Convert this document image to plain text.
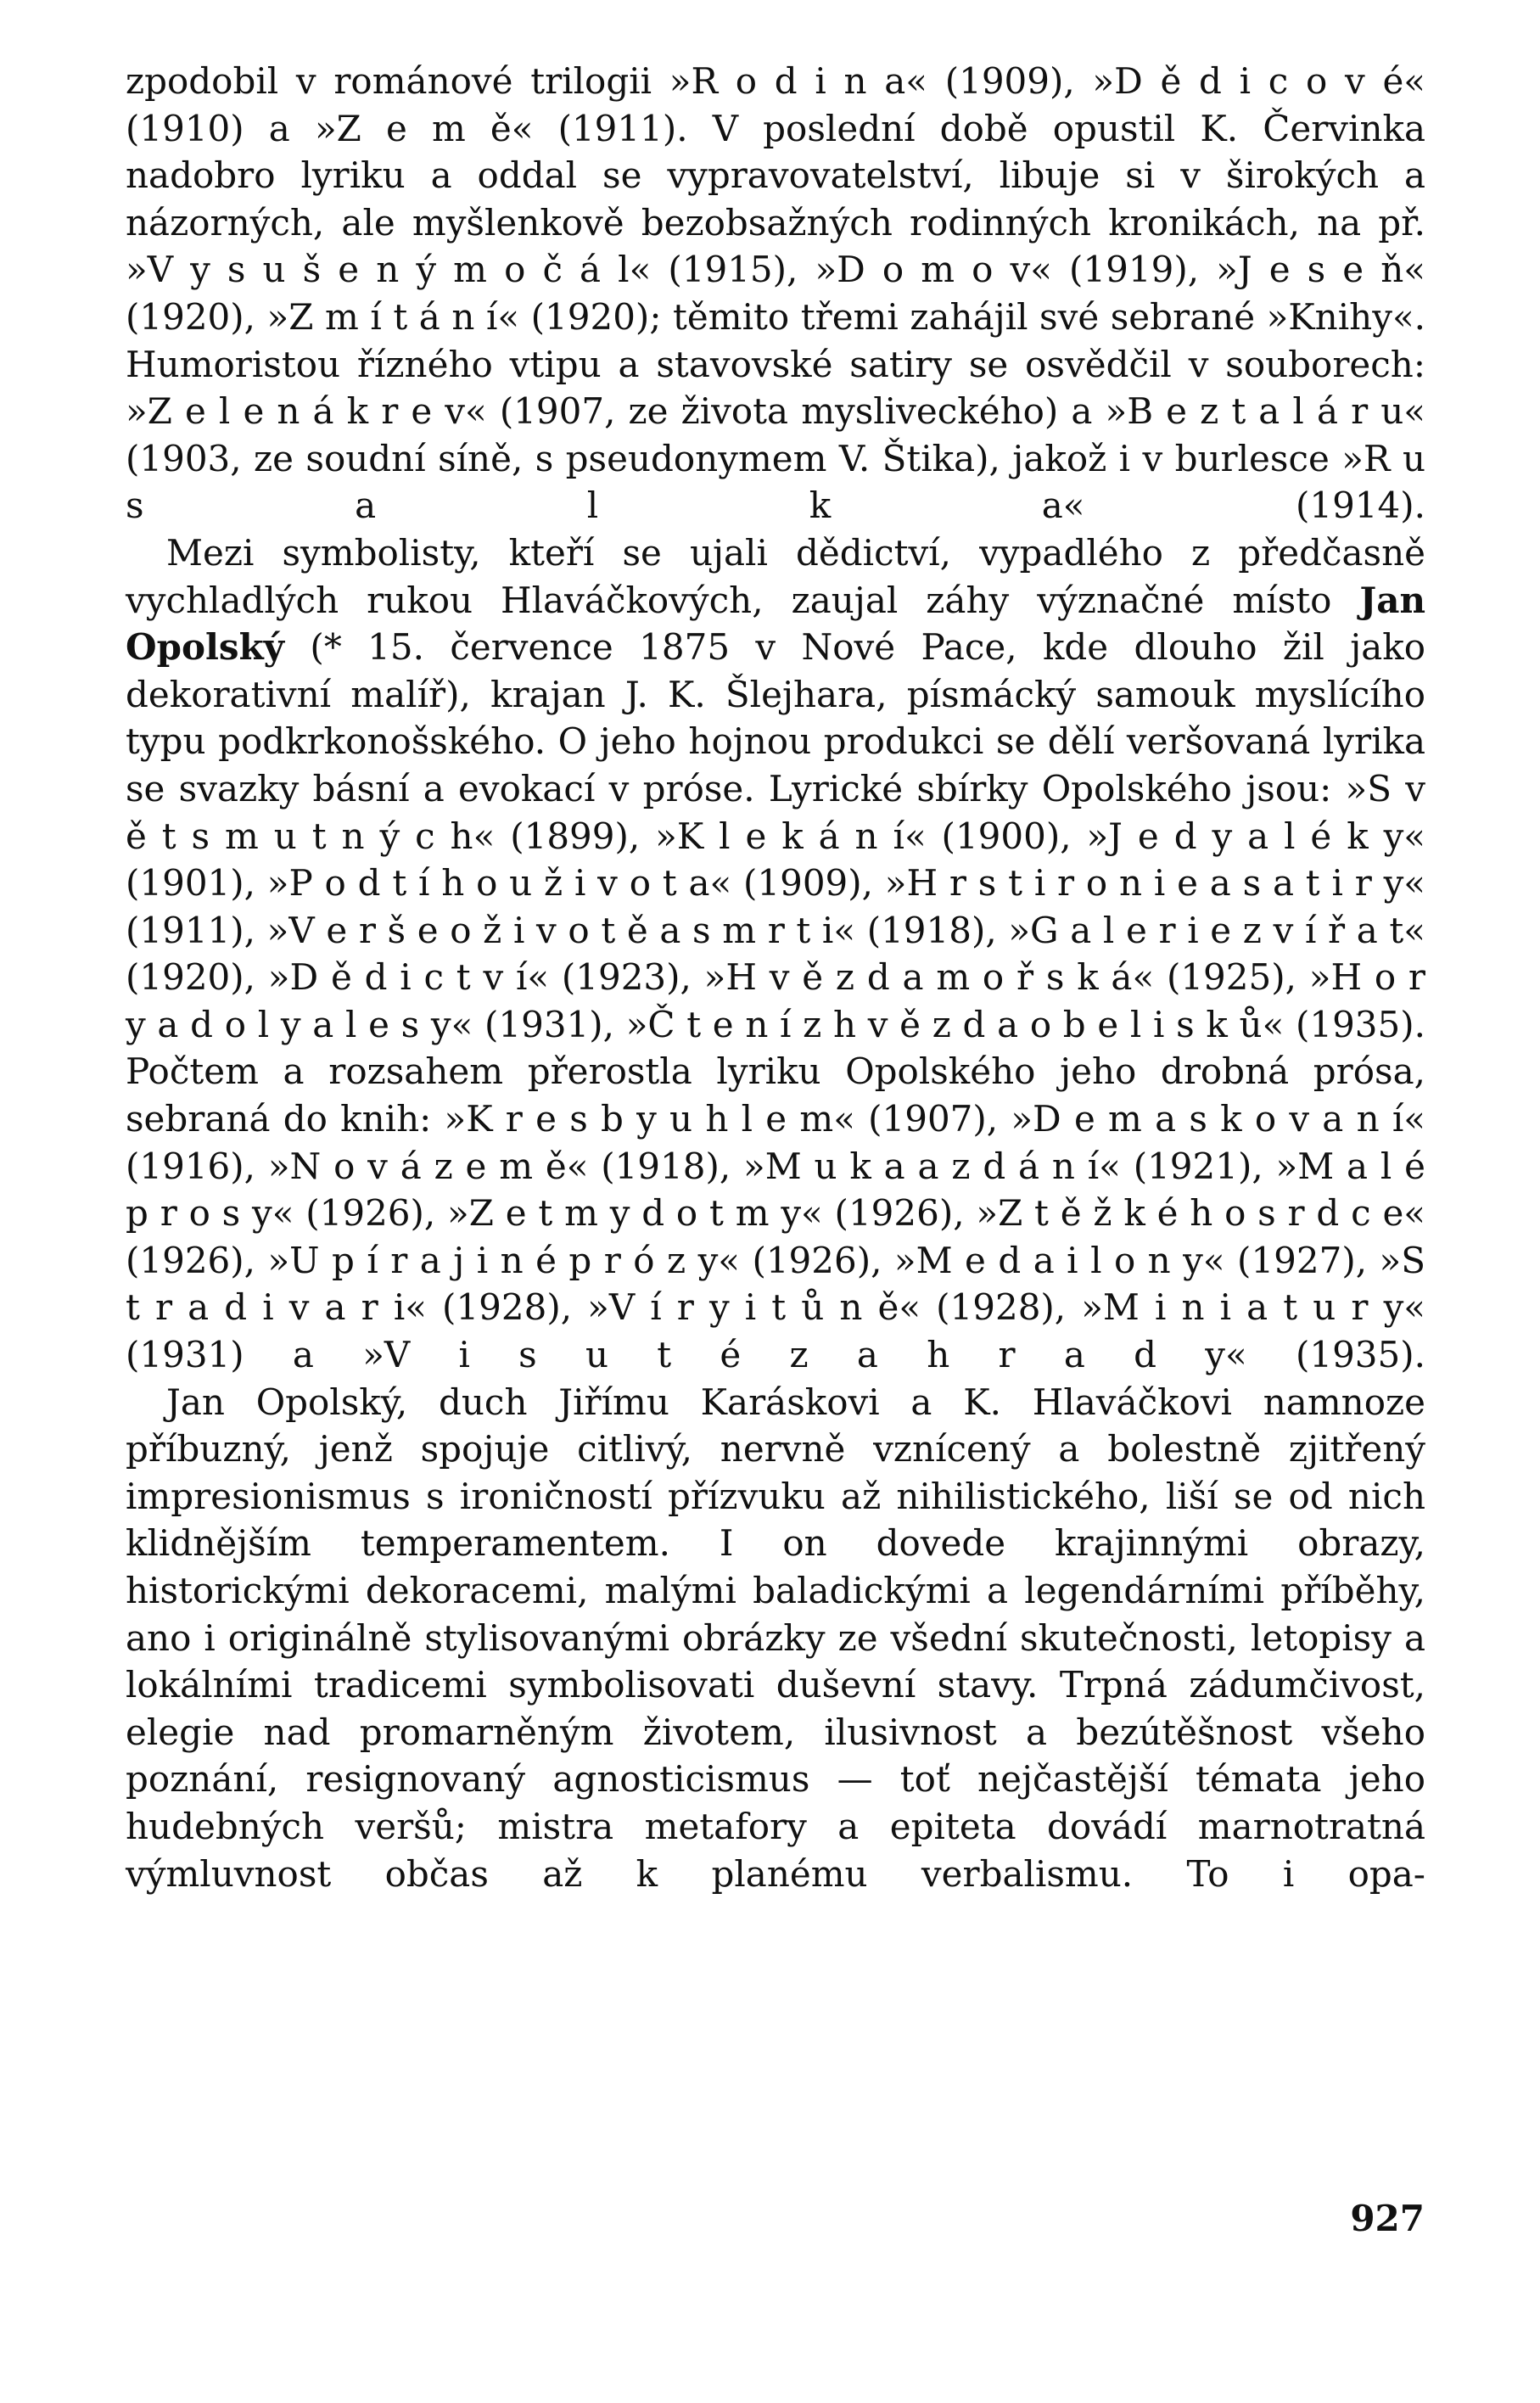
zpodobil v románové trilogii »R o d i n a« (1909), »D ě d i c o v é« (1910) a »Z e m ě« (1911). V poslední době opustil K. Červinka nadobro lyriku a oddal se vypravovatelství, libuje si v širokých a názorných, ale myšlenkově bezobsažných rodinných kronikách, na př. »V y s u š e n ý m o č á l« (1915), »D o m o v« (1919), »J e s e ň« (1920), »Z m í t á n í« (1920); těmito třemi zahájil své sebrané »Knihy«. Humoristou řízného vtipu a stavovské satiry se osvědčil v souborech: »Z e l e n á k r e v« (1907, ze života mysliveckého) a »B e z t a l á r u« (1903, ze soudní síně, s pseudonymem V. Štika), jakož i v burlesce »R u s a l k a« (1914).

Mezi symbolisty, kteří se ujali dědictví, vypadlého z předčasně vychladlých rukou Hlaváčkových, zaujal záhy význačné místo Jan Opolský (* 15. července 1875 v Nové Pace, kde dlouho žil jako dekorativní malíř), krajan J. K. Šlejhara, písmácký samouk myslícího typu podkrkonošského. O jeho hojnou produkci se dělí veršovaná lyrika se svazky básní a evokací v próse. Lyrické sbírky Opolského jsou: »S v ě t s m u t n ý c h« (1899), »K l e k á n í« (1900), »J e d y a l é k y« (1901), »P o d t í h o u ž i v o t a« (1909), »H r s t i r o n i e a s a t i r y« (1911), »V e r š e o ž i v o t ě a s m r t i« (1918), »G a l e r i e z v í ř a t« (1920), »D ě d i c t v í« (1923), »H v ě z d a m o ř s k á« (1925), »H o r y a d o l y a l e s y« (1931), »Č t e n í z h v ě z d a o b e l i s k ů« (1935). Počtem a rozsahem přerostla lyriku Opolského jeho drobná prósa, sebraná do knih: »K r e s b y u h l e m« (1907), »D e m a s k o v a n í« (1916), »N o v á z e m ě« (1918), »M u k a a z d á n í« (1921), »M a l é p r o s y« (1926), »Z e t m y d o t m y« (1926), »Z t ě ž k é h o s r d c e« (1926), »U p í r a j i n é p r ó z y« (1926), »M e d a i l o n y« (1927), »S t r a d i v a r i« (1928), »V í r y i t ů n ě« (1928), »M i n i a t u r y« (1931) a »V i s u t é z a h r a d y« (1935).

Jan Opolský, duch Jiřímu Karáskovi a K. Hlaváčkovi namnoze příbuzný, jenž spojuje citlivý, nervně vznícený a bolestně zjitřený impresionismus s ironičností přízvuku až nihilistického, liší se od nich klidnějším temperamentem. I on dovede krajinnými obrazy, historickými dekoracemi, malými baladickými a legendárními příběhy, ano i originálně stylisovanými obrázky ze všední skutečnosti, letopisy a lokálními tradicemi symbolisovati duševní stavy. Trpná zádumčivost, elegie nad promarněným životem, ilusivnost a bezútěšnost všeho poznání, resignovaný agnosticismus — toť nejčastější témata jeho hudebných veršů; mistra metafory a epiteta dovádí marnotratná výmluvnost občas až k planému verbalismu. To i opa-

927
